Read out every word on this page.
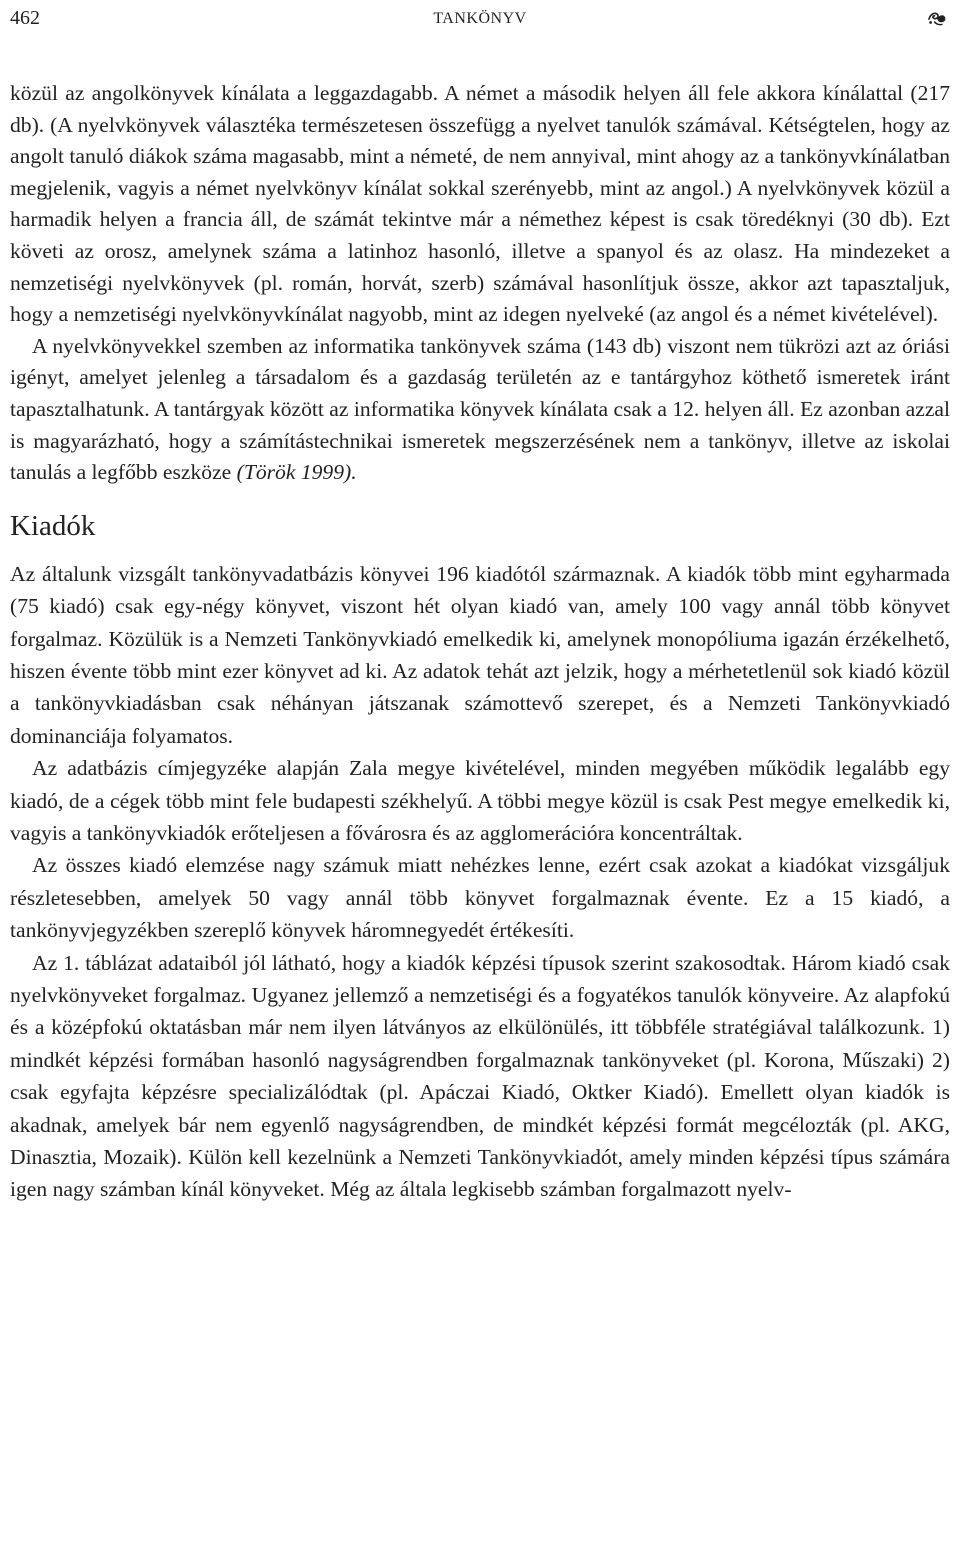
462	TANKÖNYV

közül az angolkönyvek kínálata a leggazdagabb. A német a második helyen áll fele akkora kínálattal (217 db). (A nyelvkönyvek választéka természetesen összefügg a nyelvet tanulók számával. Kétségtelen, hogy az angolt tanuló diákok száma magasabb, mint a németé, de nem annyival, mint ahogy az a tankönyvkínálatban megjelenik, vagyis a német nyelvkönyv kínálat sokkal szerényebb, mint az angol.) A nyelvkönyvek közül a harmadik helyen a francia áll, de számát tekintve már a némethez képest is csak töredéknyi (30 db). Ezt követi az orosz, amelynek száma a latinhoz hasonló, illetve a spanyol és az olasz. Ha mindezeket a nemzetiségi nyelvkönyvek (pl. román, horvát, szerb) számával hasonlítjuk össze, akkor azt tapasztaljuk, hogy a nemzetiségi nyelvkönyvkínálat nagyobb, mint az idegen nyelveké (az angol és a német kivételével).

A nyelvkönyvekkel szemben az informatika tankönyvek száma (143 db) viszont nem tükrözi azt az óriási igényt, amelyet jelenleg a társadalom és a gazdaság területén az e tantárgyhoz köthető ismeretek iránt tapasztalhatunk. A tantárgyak között az informatika könyvek kínálata csak a 12. helyen áll. Ez azonban azzal is magyarázható, hogy a számítástechnikai ismeretek megszerzésének nem a tankönyv, illetve az iskolai tanulás a legfőbb eszköze (Török 1999).

Kiadók

Az általunk vizsgált tankönyvadatbázis könyvei 196 kiadótól származnak. A kiadók több mint egyharmada (75 kiadó) csak egy-négy könyvet, viszont hét olyan kiadó van, amely 100 vagy annál több könyvet forgalmaz. Közülük is a Nemzeti Tankönyvkiadó emelkedik ki, amelynek monopóliuma igazán érzékelhető, hiszen évente több mint ezer könyvet ad ki. Az adatok tehát azt jelzik, hogy a mérhetetlenül sok kiadó közül a tankönyvkiadásban csak néhányan játszanak számottevő szerepet, és a Nemzeti Tankönyvkiadó dominanciája folyamatos.

Az adatbázis címjegyzéke alapján Zala megye kivételével, minden megyében működik legalább egy kiadó, de a cégek több mint fele budapesti székhelyű. A többi megye közül is csak Pest megye emelkedik ki, vagyis a tankönyvkiadók erőteljesen a fővárosra és az agglomerációra koncentráltak.

Az összes kiadó elemzése nagy számuk miatt nehézkes lenne, ezért csak azokat a kiadókat vizsgáljuk részletesebben, amelyek 50 vagy annál több könyvet forgalmaznak évente. Ez a 15 kiadó, a tankönyvjegyzékben szereplő könyvek háromnegyedét értékesíti.

Az 1. táblázat adataiból jól látható, hogy a kiadók képzési típusok szerint szakosodtak. Három kiadó csak nyelvkönyveket forgalmaz. Ugyanez jellemző a nemzetiségi és a fogyatékos tanulók könyveire. Az alapfokú és a középfokú oktatásban már nem ilyen látványos az elkülönülés, itt többféle stratégiával találkozunk. 1) mindkét képzési formában hasonló nagyságrendben forgalmaznak tankönyveket (pl. Korona, Műszaki) 2) csak egyfajta képzésre specializálódtak (pl. Apáczai Kiadó, Oktker Kiadó). Emellett olyan kiadók is akadnak, amelyek bár nem egyenlő nagyságrendben, de mindkét képzési formát megcélozták (pl. AKG, Dinasztia, Mozaik). Külön kell kezelnünk a Nemzeti Tankönyvkiadót, amely minden képzési típus számára igen nagy számban kínál könyveket. Még az általa legkisebb számban forgalmazott nyelv-
